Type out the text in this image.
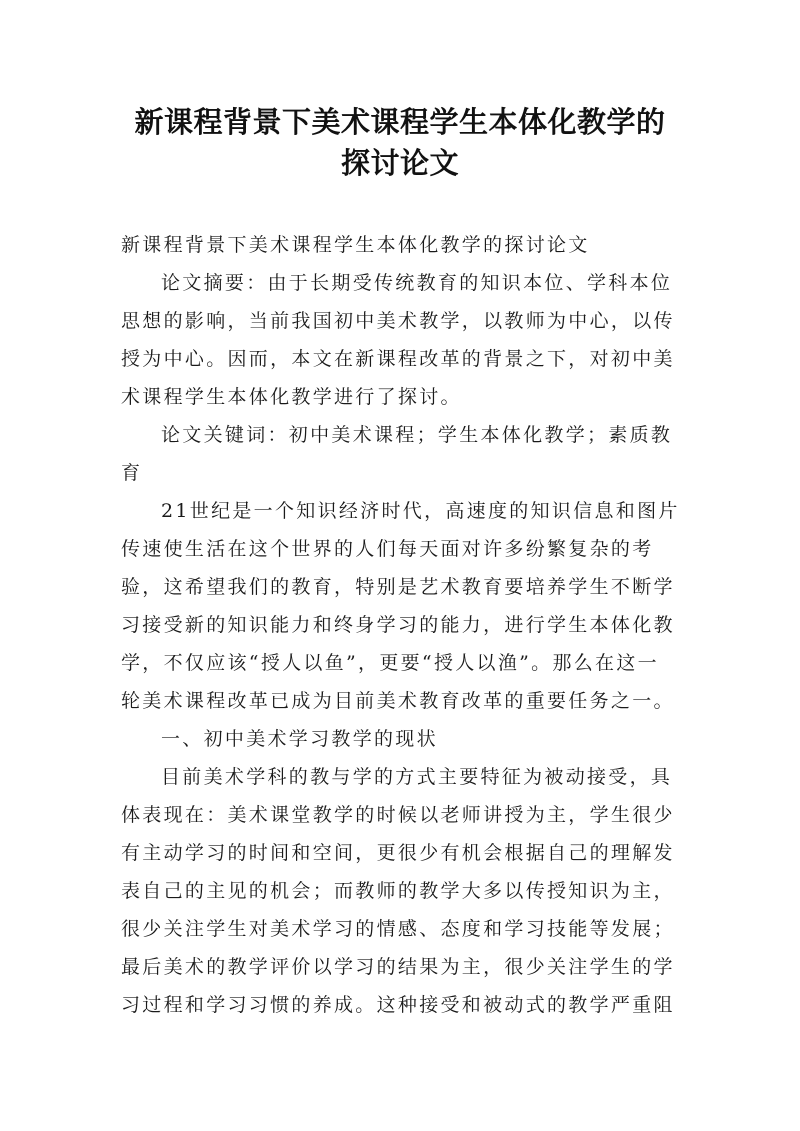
新课程背景下美术课程学生本体化教学的
探讨论文
新课程背景下美术课程学生本体化教学的探讨论文
论文摘要：由于长期受传统教育的知识本位、学科本位
思想的影响，当前我国初中美术教学，以教师为中心，以传
授为中心。因而，本文在新课程改革的背景之下，对初中美
术课程学生本体化教学进行了探讨。
论文关键词：初中美术课程；学生本体化教学；素质教
育
21世纪是一个知识经济时代，高速度的知识信息和图片
传速使生活在这个世界的人们每天面对许多纷繁复杂的考
验，这希望我们的教育，特别是艺术教育要培养学生不断学
习接受新的知识能力和终身学习的能力，进行学生本体化教
学，不仅应该“授人以鱼”，更要“授人以渔”。那么在这一
轮美术课程改革已成为目前美术教育改革的重要任务之一。
一、初中美术学习教学的现状
目前美术学科的教与学的方式主要特征为被动接受，具
体表现在：美术课堂教学的时候以老师讲授为主，学生很少
有主动学习的时间和空间，更很少有机会根据自己的理解发
表自己的主见的机会；而教师的教学大多以传授知识为主，
很少关注学生对美术学习的情感、态度和学习技能等发展；
最后美术的教学评价以学习的结果为主，很少关注学生的学
习过程和学习习惯的养成。这种接受和被动式的教学严重阻
